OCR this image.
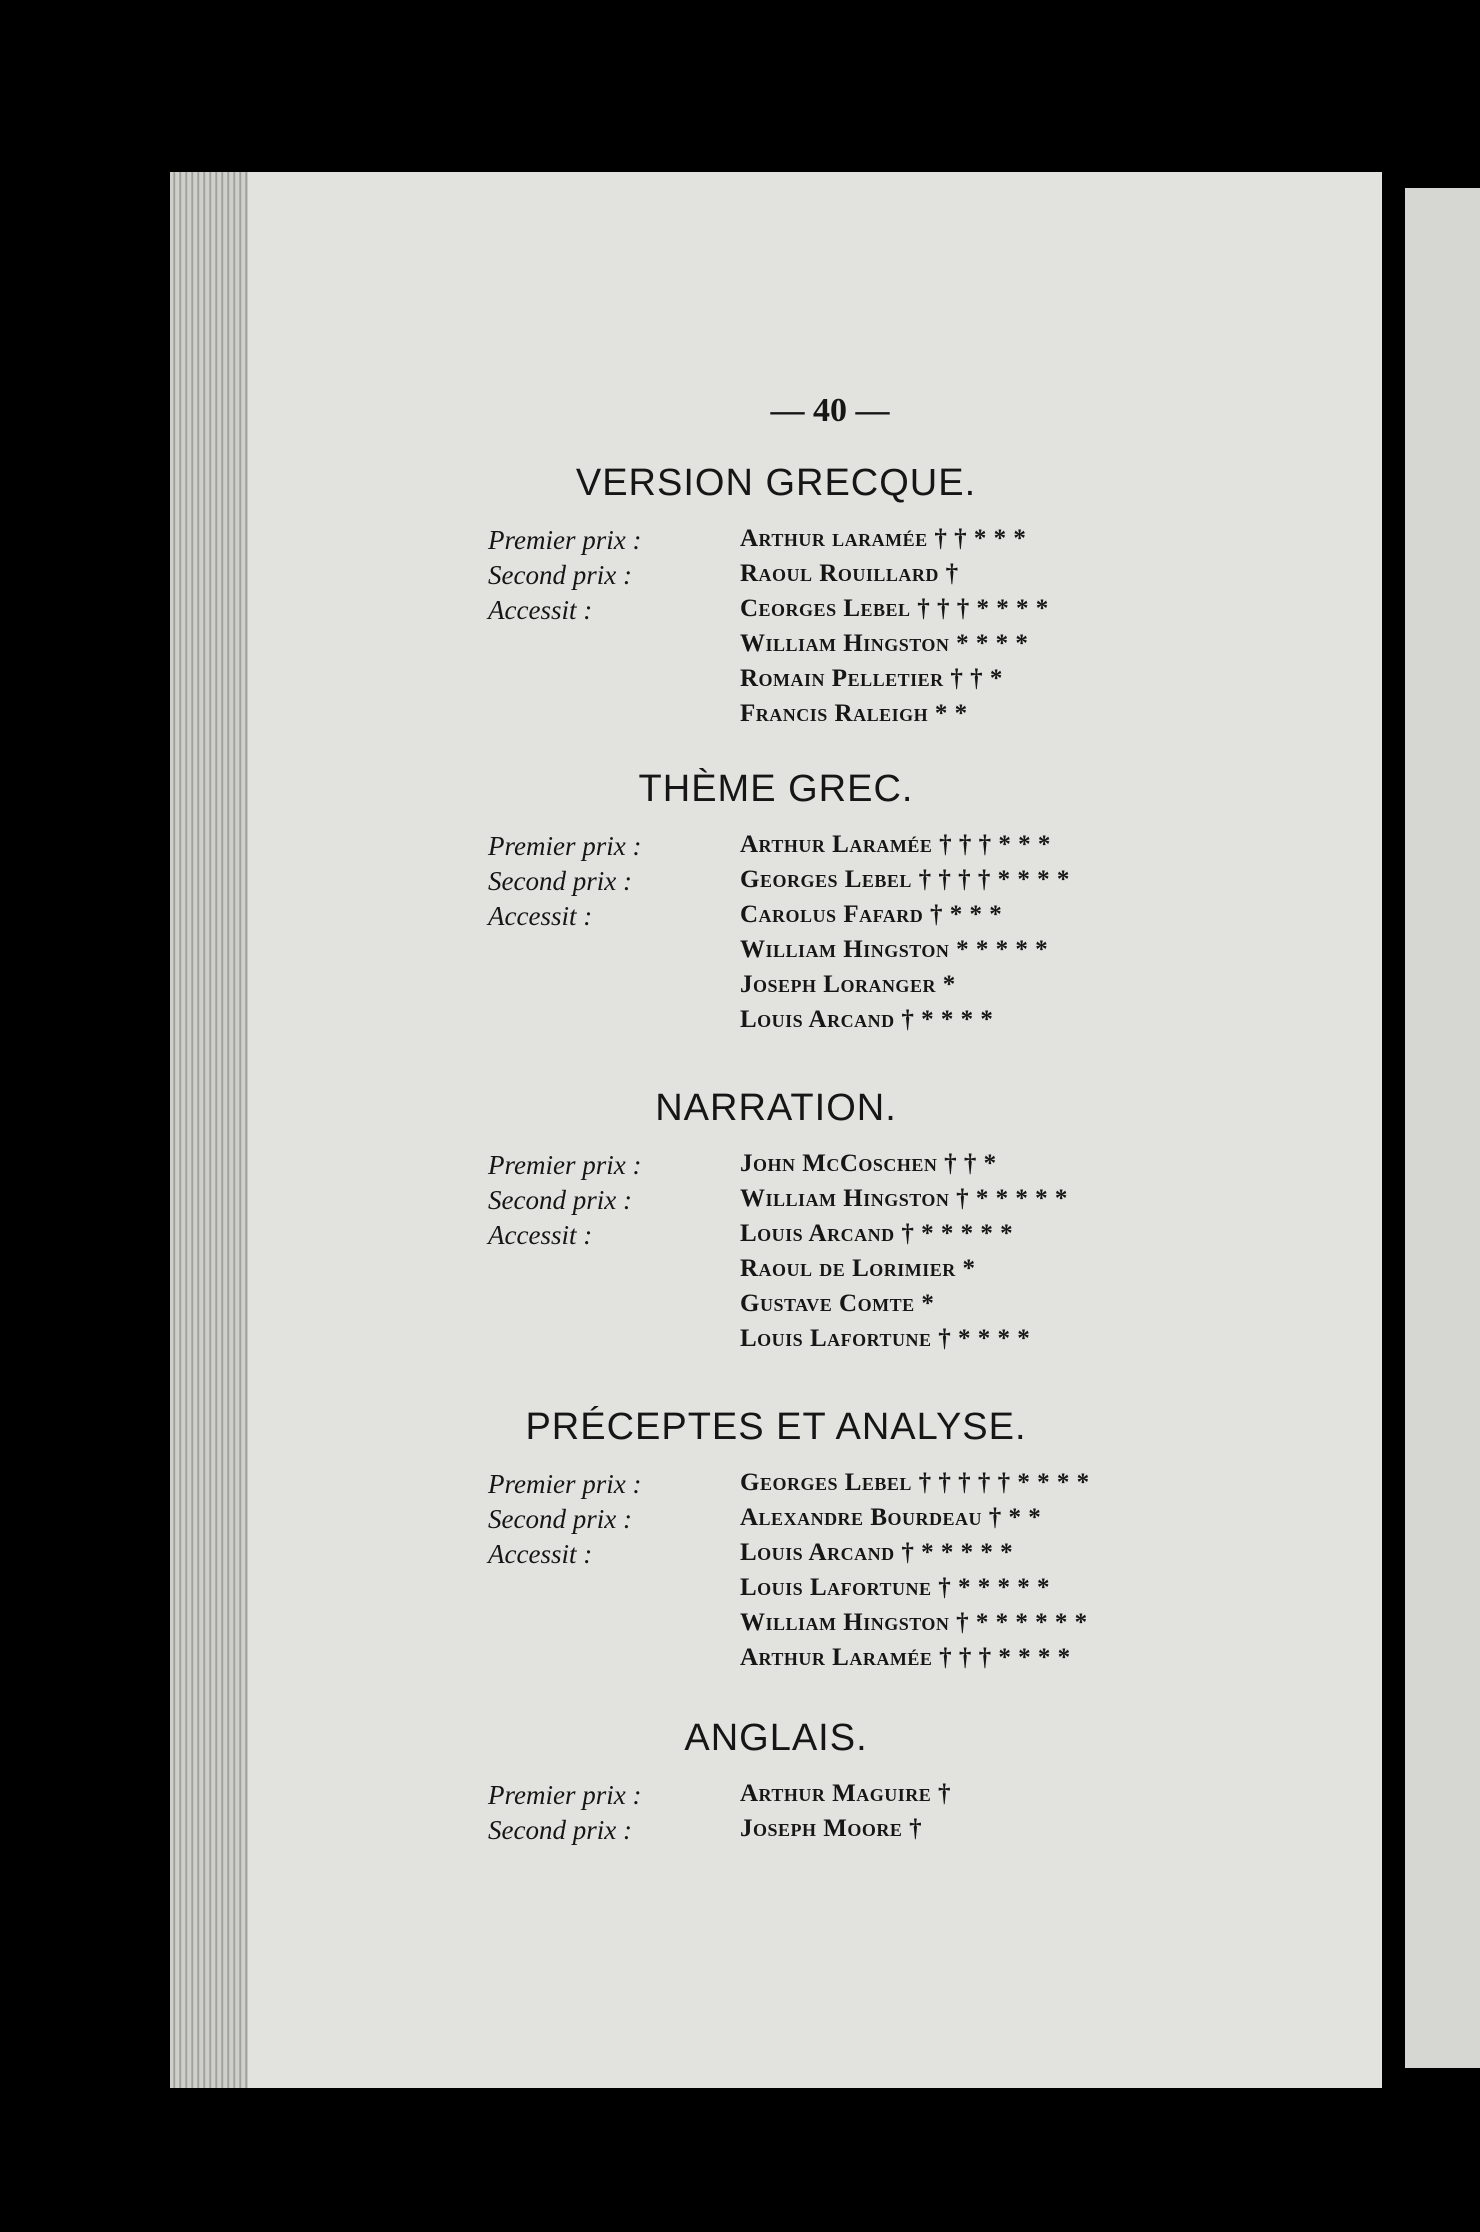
— 40 —
VERSION GRECQUE.
Premier prix :	Arthur laramée † † * * *
Second prix :	Raoul Rouillard †
Accessit :	Ceorges Lebel † † † * * * *
William Hingston * * * *
Romain Pelletier † † *
Francis Raleigh * *
THÈME GREC.
Premier prix :	Arthur Laramée † † † * * *
Second prix :	Georges Lebel † † † † * * * *
Accessit :	Carolus Fafard † * * *
William Hingston * * * * *
Joseph Loranger *
Louis Arcand † * * * *
NARRATION.
Premier prix :	John McCoschen † † *
Second prix :	William Hingston † * * * * *
Accessit :	Louis Arcand † * * * * *
Raoul de Lorimier *
Gustave Comte *
Louis Lafortune † * * * *
PRÉCEPTES ET ANALYSE.
Premier prix :	Georges Lebel † † † † † * * * *
Second prix :	Alexandre Bourdeau † * *
Accessit :	Louis Arcand † * * * * *
Louis Lafortune † * * * * *
William Hingston † * * * * * *
Arthur Laramée † † † * * * *
ANGLAIS.
Premier prix :	Arthur Maguire †
Second prix :	Joseph Moore †
